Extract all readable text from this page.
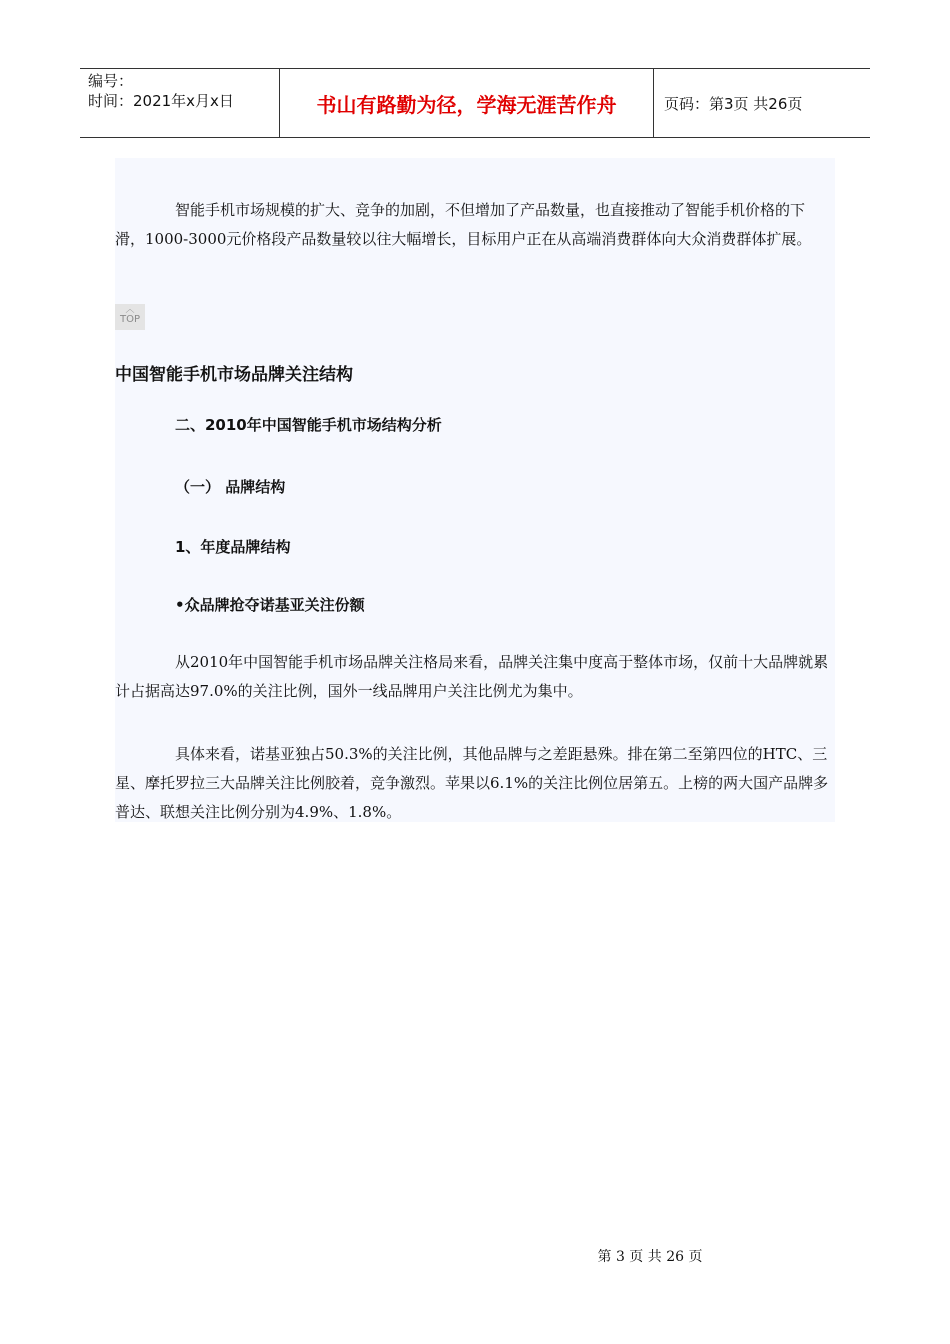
编号：
时间：2021年x月x日	书山有路勤为径，学海无涯苦作舟	页码：第3页 共26页

智能手机市场规模的扩大、竞争的加剧，不但增加了产品数量，也直接推动了智能手机价格的下滑，1000-3000元价格段产品数量较以往大幅增长，目标用户正在从高端消费群体向大众消费群体扩展。

︿
TOP
中国智能手机市场品牌关注结构
二、2010年中国智能手机市场结构分析
（一） 品牌结构
1、年度品牌结构
•众品牌抢夺诺基亚关注份额

从2010年中国智能手机市场品牌关注格局来看，品牌关注集中度高于整体市场，仅前十大品牌就累计占据高达97.0%的关注比例，国外一线品牌用户关注比例尤为集中。

具体来看，诺基亚独占50.3%的关注比例，其他品牌与之差距悬殊。排在第二至第四位的HTC、三星、摩托罗拉三大品牌关注比例胶着，竞争激烈。苹果以6.1%的关注比例位居第五。上榜的两大国产品牌多普达、联想关注比例分别为4.9%、1.8%。

第 3 页 共 26 页
